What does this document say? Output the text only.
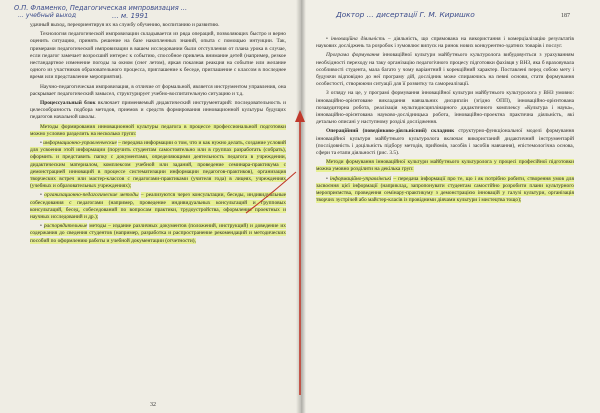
О.П. Фламенко, Педагогическая импровизация ...
... учебный выход	... м. 1991

удачный выход, переориентируя их на службу обучению, воспитанию и развитию.

Технология педагогической импровизации складывается из ряда операций, позволяющих быстро и верно оценить ситуацию, принять решение на базе накопленных знаний, опыта с помощью интуиции. Так, примерами педагогической импровизации в вашем исследовании были отступления от плана урока в случае, если педагог замечает возросший интерес к событию, способное привлечь внимание детей (например, резкое нестандартное изменение погоды за окном (снег летом), яркая показная реакция на событие или желание одного из участников образовательного процесса, приглашение к беседе, приглашение с классом в последнее время или представление мероприятия).

Научно-педагогическая импровизация, в отличие от формальной, является инструментом управления, она раскрывает педагогический замысел, структурирует учебно-воспитательную ситуацию и т.д.

Процессуальный блок включает применяемый дидактический инструментарий: последовательность и целесообразность подбора методов, приемов и средств формирования инновационной культуры будущих педагогов начальной школы.

Методы формирования инновационной культуры педагога в процессе профессиональной подготовки можно условно разделить на несколько групп:

• информационно-управленческие – передача информации о том, что и как нужно делать, создание условий для усвоения этой информации (поручить студентам самостоятельно или в группах разработать (собрать), оформить и представить папку с документами, определяющими деятельность педагога в учреждении, дидактическим материалом, комплексом учебной или заданий, проведение семинара-практикума с демонстрацией инноваций в процессе систематизации информации педагогов-практиков), организация творческих встреч или мастер-классов с педагогами-практиками (учителя года) в лицеях, учреждениях (учебных и образовательных учреждениях);

• организационно-педагогические методы – реализуются через консультации, беседы, индивидуальные собеседования с педагогами (например, проведение индивидуальных консультаций и групповых консультаций, бесед, собеседований по вопросам практики, трудоустройства, оформления проектных и научных исследований и др.);

• распорядительные методы – издание различных документов (положений, инструкций) и доведение их содержания до сведения студентов (например, разработка и распространение рекомендаций и методических пособий по оформлению работы и учебной документации (отчетности),

32
Доктор ... дисертації Г. М. Киришко	187

• інноваційна діяльність – діяльність, що спрямована на використання і комерціалізацію результатів наукових досліджень та розробок і зумовлює випуск на ринок нових конкурентно-здатних товарів і послуг.

Програма формування інноваційної культури майбутнього культуролога вибудовується з урахуванням необхідності переходу на таку організацію педагогічного процесу підготовки фахівця у ВНЗ, яка б враховувала особливості студента, мала багато у чому варіантний і корекційний характер. Поставлені перед собою мету і будуючи відповідно до неї програму дій, дослідник може спираючись на певні основи, стати формування особистості, створюючи ситуації для її розвитку та самореалізації.

З огляду на це, у програмі формування інноваційної культури майбутнього культуролога у ВНЗ умовно: інноваційно-орієнтоване викладання навчальних дисциплін (згідно ОПП), інноваційно-орієнтована позааудиторна робота, реалізація мультидисциплінарного дидактичного комплексу «Культура і наука», інноваційно-орієнтована науково-дослідницька робота, інноваційно-проектна практична діяльність, які детально описані у наступному розділі дослідження.

Операційний (поведінково-діяльнісний) складник структурно-функціональної моделі формування інноваційної культури майбутнього культуролога включає використаний дидактичний інструментарій (послідовність і доцільність підбору методів, прийомів, засобів і засобів навчання), епістемологічна основа, сфери та етапи діяльності (рис. 3.5).

Методи формування інноваційної культури майбутнього культуролога у процесі професійної підготовки можна умовно розділити на декілька груп:

• інформаційно-управлінські – передача інформації про те, що і як потрібно робити, створення умов для засвоєння цієї інформації (наприклад, запропонувати студентам самостійно розробити плани культурного мероприємства, проведення семінару-практикуму з демонстрацією інновацій у галузі культури, організація творчих зустрічей або майстер-класів із провідними діячами культури і мистецтва тощо);
